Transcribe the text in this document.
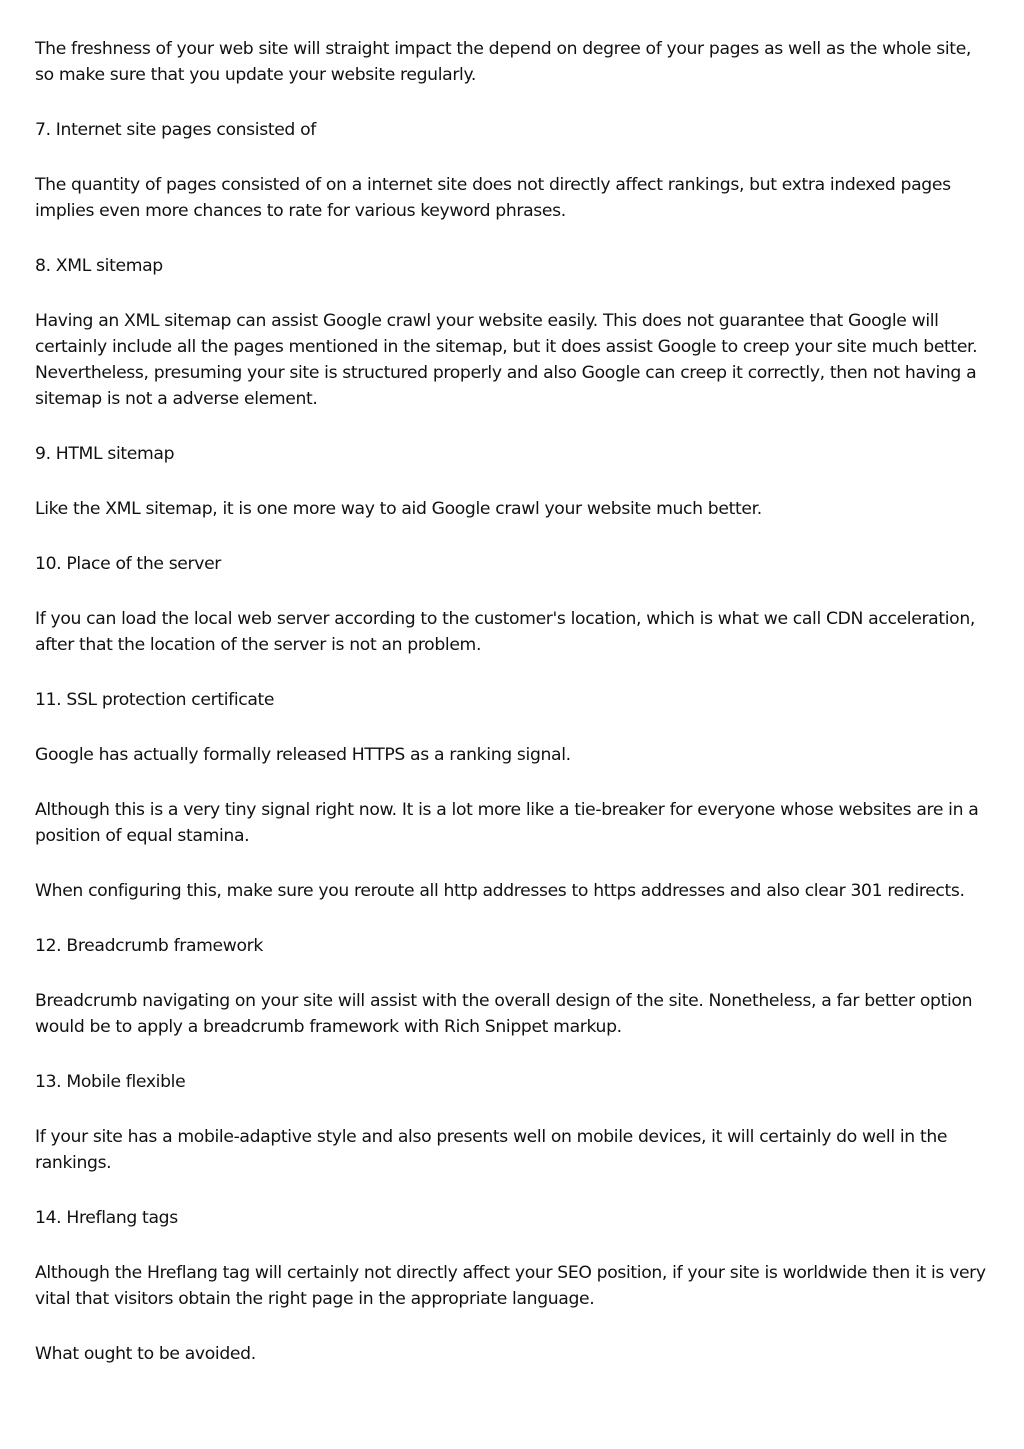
The freshness of your web site will straight impact the depend on degree of your pages as well as the whole site, so make sure that you update your website regularly.

7. Internet site pages consisted of

The quantity of pages consisted of on a internet site does not directly affect rankings, but extra indexed pages implies even more chances to rate for various keyword phrases.

8. XML sitemap

Having an XML sitemap can assist Google crawl your website easily. This does not guarantee that Google will certainly include all the pages mentioned in the sitemap, but it does assist Google to creep your site much better. Nevertheless, presuming your site is structured properly and also Google can creep it correctly, then not having a sitemap is not a adverse element.

9. HTML sitemap

Like the XML sitemap, it is one more way to aid Google crawl your website much better.

10. Place of the server

If you can load the local web server according to the customer's location, which is what we call CDN acceleration, after that the location of the server is not an problem.

11. SSL protection certificate

Google has actually formally released HTTPS as a ranking signal.

Although this is a very tiny signal right now. It is a lot more like a tie-breaker for everyone whose websites are in a position of equal stamina.

When configuring this, make sure you reroute all http addresses to https addresses and also clear 301 redirects.

12. Breadcrumb framework

Breadcrumb navigating on your site will assist with the overall design of the site. Nonetheless, a far better option would be to apply a breadcrumb framework with Rich Snippet markup.

13. Mobile flexible

If your site has a mobile-adaptive style and also presents well on mobile devices, it will certainly do well in the rankings.

14. Hreflang tags

Although the Hreflang tag will certainly not directly affect your SEO position, if your site is worldwide then it is very vital that visitors obtain the right page in the appropriate language.

What ought to be avoided.
